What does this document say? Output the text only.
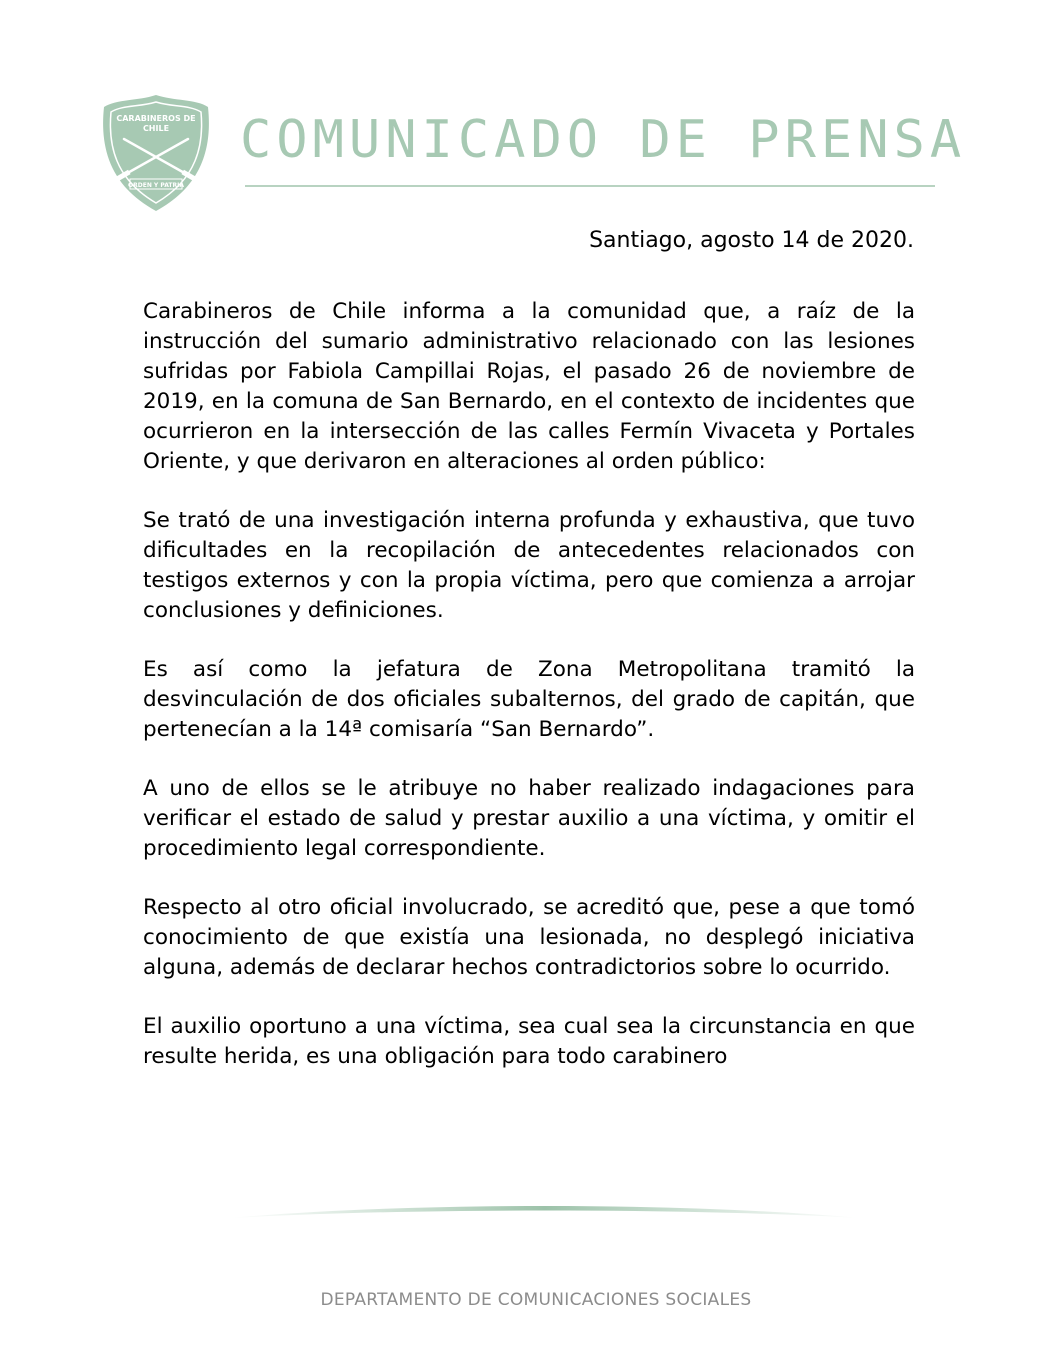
CARABINEROS DE
CHILE
ORDEN Y PATRIA
COMUNICADO DE PRENSA
Santiago, agosto 14 de 2020.

Carabineros de Chile informa a la comunidad que, a raíz de la instrucción del sumario administrativo relacionado con las lesiones sufridas por Fabiola Campillai Rojas, el pasado 26 de noviembre de 2019, en la comuna de San Bernardo, en el contexto de incidentes que ocurrieron en la intersección de las calles Fermín Vivaceta y Portales Oriente, y que derivaron en alteraciones al orden público:

Se trató de una investigación interna profunda y exhaustiva, que tuvo dificultades en la recopilación de antecedentes relacionados con testigos externos y con la propia víctima, pero que comienza a arrojar conclusiones y definiciones.

Es así como la jefatura de Zona Metropolitana tramitó la desvinculación de dos oficiales subalternos, del grado de capitán, que pertenecían a la 14ª comisaría “San Bernardo”.

A uno de ellos se le atribuye no haber realizado indagaciones para verificar el estado de salud y prestar auxilio a una víctima, y omitir el procedimiento legal correspondiente.

Respecto al otro oficial involucrado, se acreditó que, pese a que tomó conocimiento de que existía una lesionada, no desplegó iniciativa alguna, además de declarar hechos contradictorios sobre lo ocurrido.

El auxilio oportuno a una víctima, sea cual sea la circunstancia en que resulte herida, es una obligación para todo carabinero

DEPARTAMENTO DE COMUNICACIONES SOCIALES
